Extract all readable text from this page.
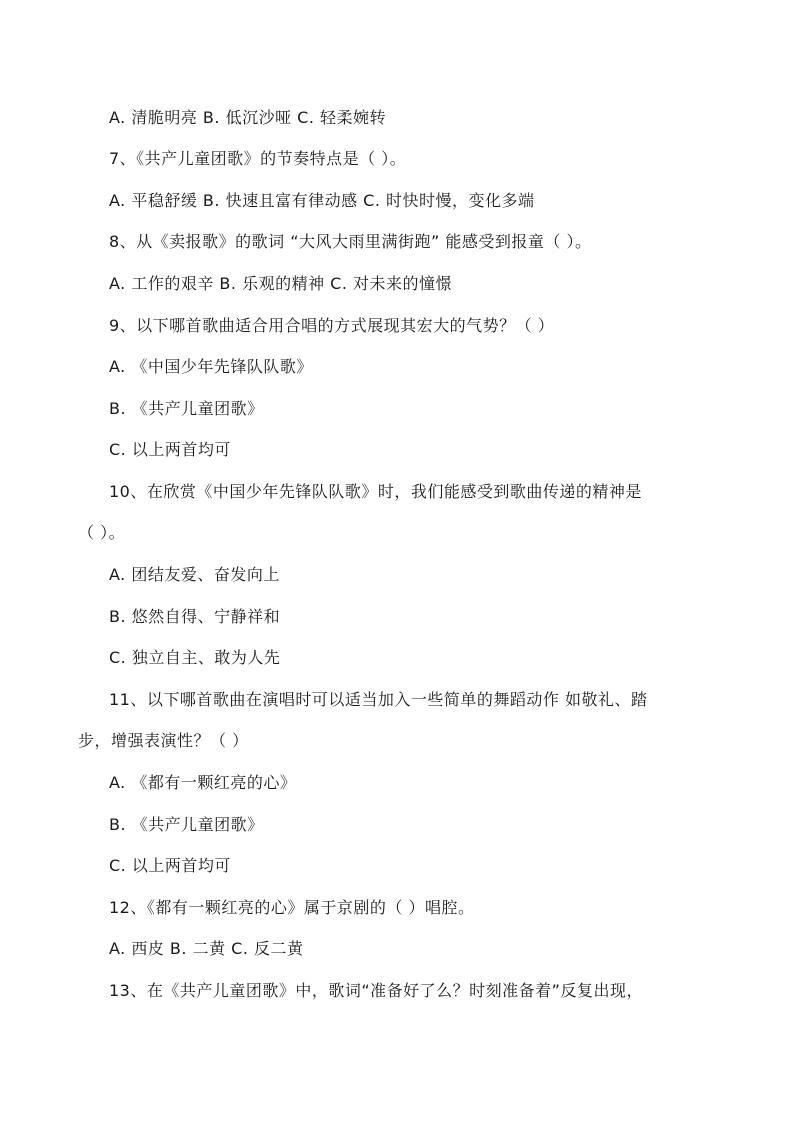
A. 清脆明亮 B. 低沉沙哑 C. 轻柔婉转
7、《共产儿童团歌》的节奏特点是（ ）。
A. 平稳舒缓 B. 快速且富有律动感 C. 时快时慢，变化多端
8、从《卖报歌》的歌词 “大风大雨里满街跑” 能感受到报童（ ）。
A. 工作的艰辛 B. 乐观的精神 C. 对未来的憧憬
9、以下哪首歌曲适合用合唱的方式展现其宏大的气势？（ ）
A. 《中国少年先锋队队歌》
B. 《共产儿童团歌》
C. 以上两首均可
10、在欣赏《中国少年先锋队队歌》时，我们能感受到歌曲传递的精神是
（ ）。
A. 团结友爱、奋发向上
B. 悠然自得、宁静祥和
C. 独立自主、敢为人先
11、以下哪首歌曲在演唱时可以适当加入一些简单的舞蹈动作 如敬礼、踏
步，增强表演性？（ ）
A. 《都有一颗红亮的心》
B. 《共产儿童团歌》
C. 以上两首均可
12、《都有一颗红亮的心》属于京剧的（ ）唱腔。
A. 西皮 B. 二黄 C. 反二黄
13、在《共产儿童团歌》中，歌词“准备好了么？时刻准备着”反复出现，
